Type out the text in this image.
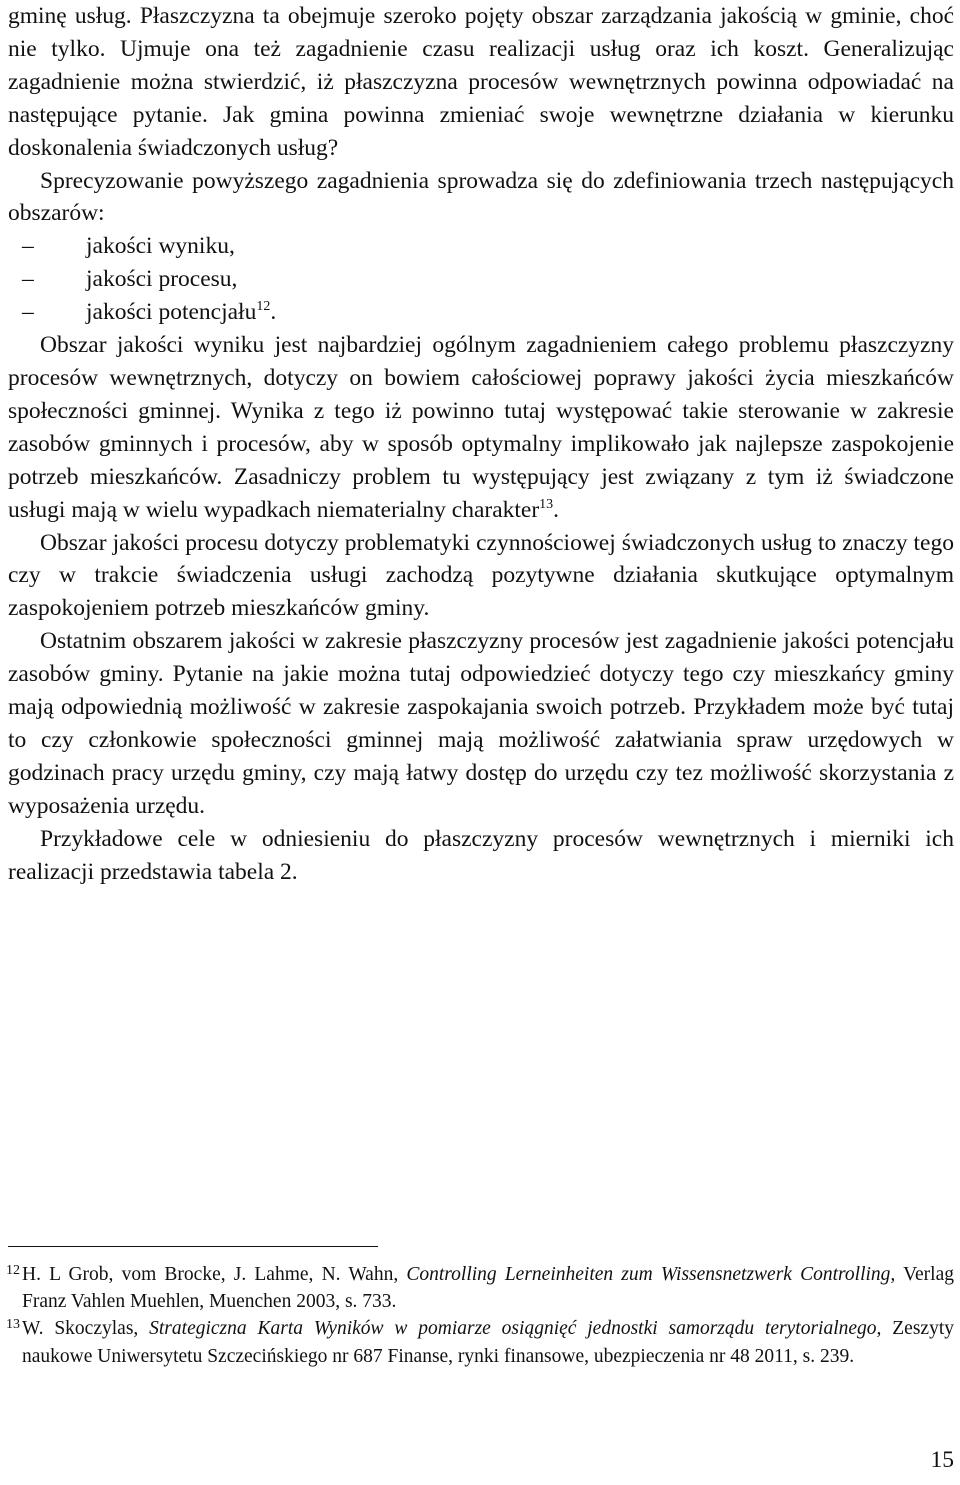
gminę usług. Płaszczyzna ta obejmuje szeroko pojęty obszar zarządzania jakością w gminie, choć nie tylko. Ujmuje ona też zagadnienie czasu realizacji usług oraz ich koszt. Generalizując zagadnienie można stwierdzić, iż płaszczyzna procesów wewnętrznych powinna odpowiadać na następujące pytanie. Jak gmina powinna zmieniać swoje wewnętrzne działania w kierunku doskonalenia świadczonych usług?

Sprecyzowanie powyższego zagadnienia sprowadza się do zdefiniowania trzech następujących obszarów:

–	jakości wyniku,
–	jakości procesu,
–	jakości potencjału$^{12}$.

Obszar jakości wyniku jest najbardziej ogólnym zagadnieniem całego problemu płaszczyzny procesów wewnętrznych, dotyczy on bowiem całościowej poprawy jakości życia mieszkańców społeczności gminnej. Wynika z tego iż powinno tutaj występować takie sterowanie w zakresie zasobów gminnych i procesów, aby w sposób optymalny implikowało jak najlepsze zaspokojenie potrzeb mieszkańców. Zasadniczy problem tu występujący jest związany z tym iż świadczone usługi mają w wielu wypadkach niematerialny charakter$^{13}$.

Obszar jakości procesu dotyczy problematyki czynnościowej świadczonych usług to znaczy tego czy w trakcie świadczenia usługi zachodzą pozytywne działania skutkujące optymalnym zaspokojeniem potrzeb mieszkańców gminy.

Ostatnim obszarem jakości w zakresie płaszczyzny procesów jest zagadnienie jakości potencjału zasobów gminy. Pytanie na jakie można tutaj odpowiedzieć dotyczy tego czy mieszkańcy gminy mają odpowiednią możliwość w zakresie zaspokajania swoich potrzeb. Przykładem może być tutaj to czy członkowie społeczności gminnej mają możliwość załatwiania spraw urzędowych w godzinach pracy urzędu gminy, czy mają łatwy dostęp do urzędu czy tez możliwość skorzystania z wyposażenia urzędu.

Przykładowe cele w odniesieniu do płaszczyzny procesów wewnętrznych i mierniki ich realizacji przedstawia tabela 2.

12 H. L Grob, vom Brocke, J. Lahme, N. Wahn, Controlling Lerneinheiten zum Wissensnetzwerk Controlling, Verlag Franz Vahlen Muehlen, Muenchen 2003, s. 733.
13 W. Skoczylas, Strategiczna Karta Wyników w pomiarze osiągnięć jednostki samorządu terytorialnego, Zeszyty naukowe Uniwersytetu Szczecińskiego nr 687 Finanse, rynki finansowe, ubezpieczenia nr 48 2011, s. 239.
15
